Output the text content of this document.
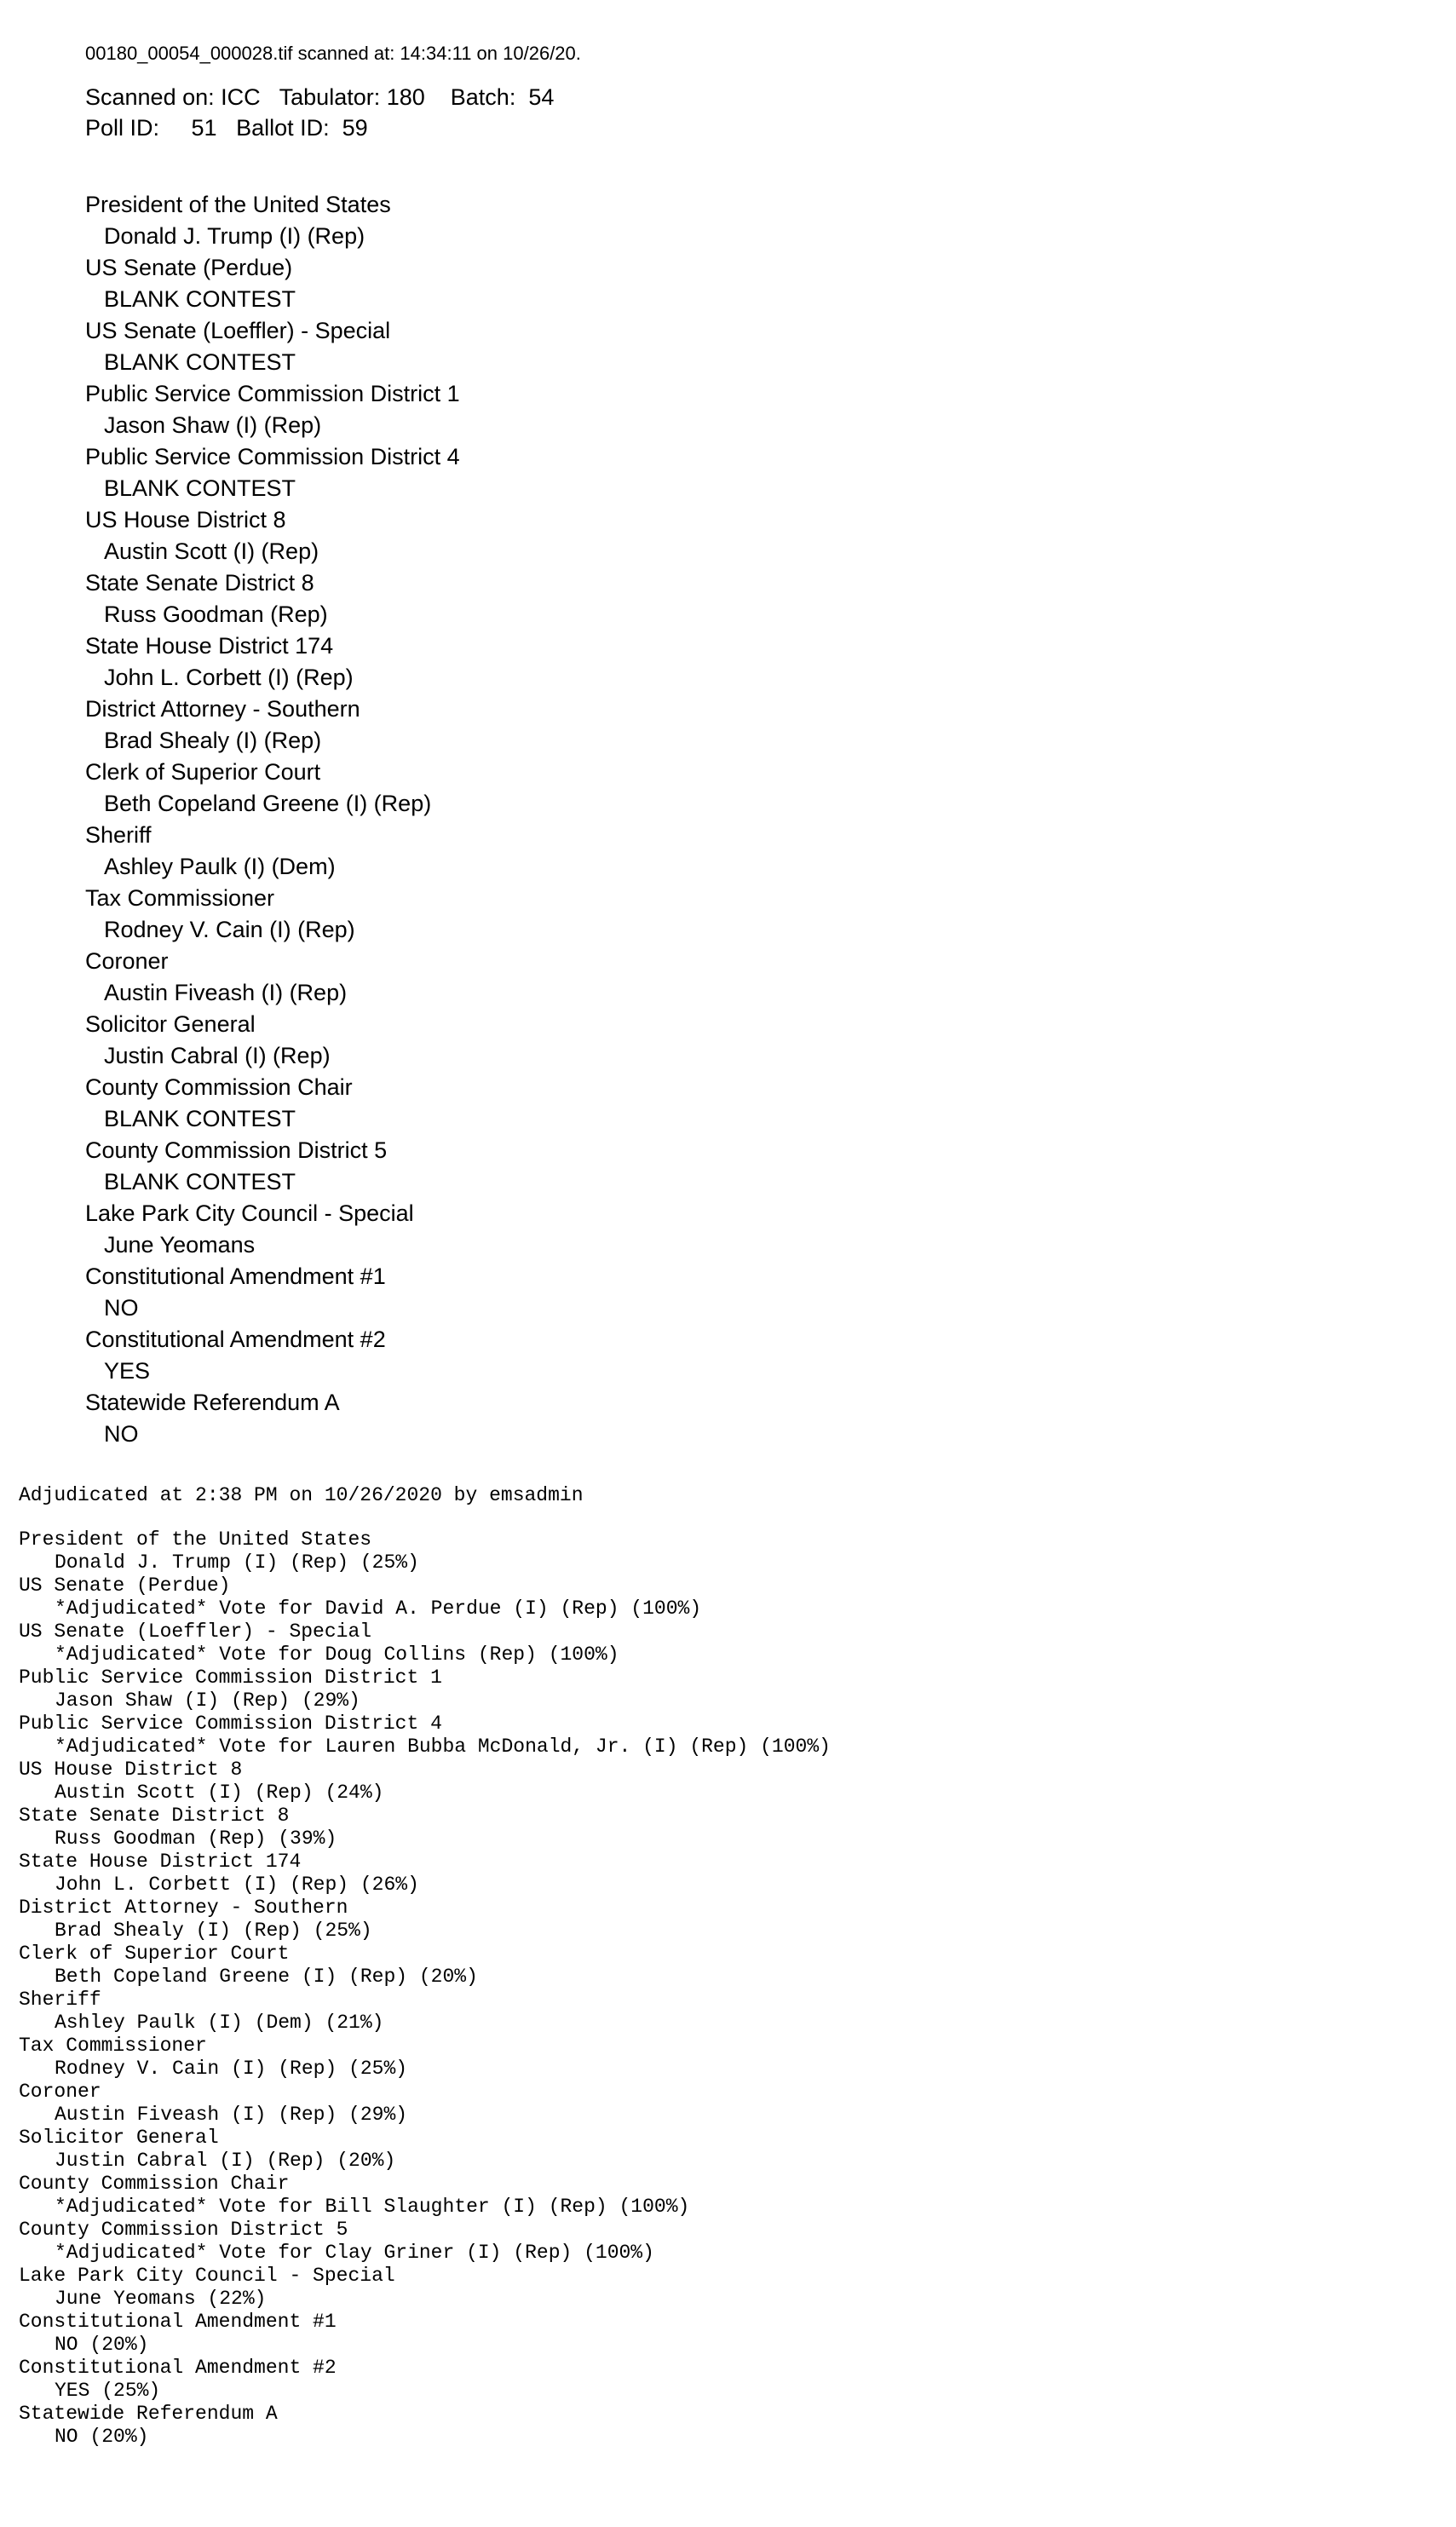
00180_00054_000028.tif scanned at: 14:34:11 on 10/26/20.
Scanned on: ICC   Tabulator: 180    Batch:  54
Poll ID:     51   Ballot ID:  59
President of the United States
Donald J. Trump (I) (Rep)
US Senate (Perdue)
BLANK CONTEST
US Senate (Loeffler) - Special
BLANK CONTEST
Public Service Commission District 1
Jason Shaw (I) (Rep)
Public Service Commission District 4
BLANK CONTEST
US House District 8
Austin Scott (I) (Rep)
State Senate District 8
Russ Goodman (Rep)
State House District 174
John L. Corbett (I) (Rep)
District Attorney - Southern
Brad Shealy (I) (Rep)
Clerk of Superior Court
Beth Copeland Greene (I) (Rep)
Sheriff
Ashley Paulk (I) (Dem)
Tax Commissioner
Rodney V. Cain (I) (Rep)
Coroner
Austin Fiveash (I) (Rep)
Solicitor General
Justin Cabral (I) (Rep)
County Commission Chair
BLANK CONTEST
County Commission District 5
BLANK CONTEST
Lake Park City Council - Special
June Yeomans
Constitutional Amendment #1
NO
Constitutional Amendment #2
YES
Statewide Referendum A
NO
Adjudicated at 2:38 PM on 10/26/2020 by emsadmin
President of the United States
Donald J. Trump (I) (Rep) (25%)
US Senate (Perdue)
*Adjudicated* Vote for David A. Perdue (I) (Rep) (100%)
US Senate (Loeffler) - Special
*Adjudicated* Vote for Doug Collins (Rep) (100%)
Public Service Commission District 1
Jason Shaw (I) (Rep) (29%)
Public Service Commission District 4
*Adjudicated* Vote for Lauren Bubba McDonald, Jr. (I) (Rep) (100%)
US House District 8
Austin Scott (I) (Rep) (24%)
State Senate District 8
Russ Goodman (Rep) (39%)
State House District 174
John L. Corbett (I) (Rep) (26%)
District Attorney - Southern
Brad Shealy (I) (Rep) (25%)
Clerk of Superior Court
Beth Copeland Greene (I) (Rep) (20%)
Sheriff
Ashley Paulk (I) (Dem) (21%)
Tax Commissioner
Rodney V. Cain (I) (Rep) (25%)
Coroner
Austin Fiveash (I) (Rep) (29%)
Solicitor General
Justin Cabral (I) (Rep) (20%)
County Commission Chair
*Adjudicated* Vote for Bill Slaughter (I) (Rep) (100%)
County Commission District 5
*Adjudicated* Vote for Clay Griner (I) (Rep) (100%)
Lake Park City Council - Special
June Yeomans (22%)
Constitutional Amendment #1
NO (20%)
Constitutional Amendment #2
YES (25%)
Statewide Referendum A
NO (20%)
